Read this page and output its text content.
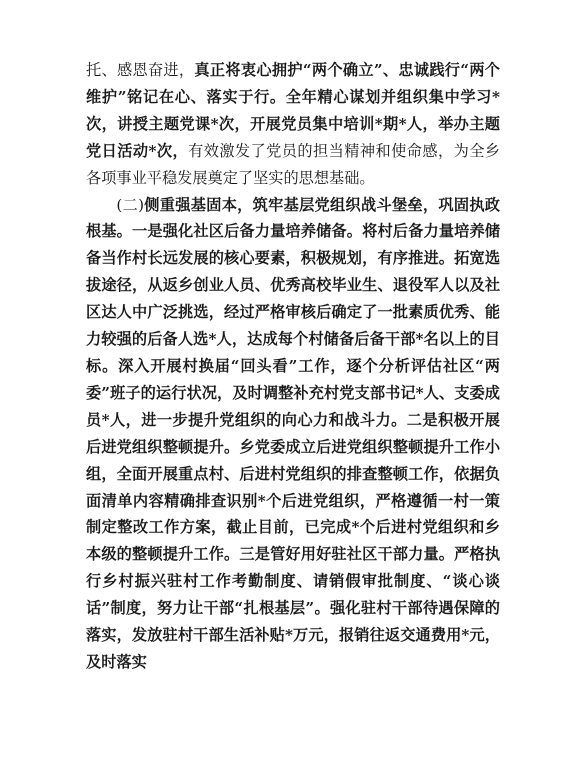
托、感恩奋进，真正将衷心拥护“两个确立”、忠诚践行“两个维护”铭记在心、落实于行。全年精心谋划并组织集中学习*次，讲授主题党课*次，开展党员集中培训*期*人，举办主题党日活动*次，有效激发了党员的担当精神和使命感，为全乡各项事业平稳发展奠定了坚实的思想基础。

(二)侧重强基固本，筑牢基层党组织战斗堡垒，巩固执政根基。一是强化社区后备力量培养储备。将村后备力量培养储备当作村长远发展的核心要素，积极规划，有序推进。拓宽选拔途径，从返乡创业人员、优秀高校毕业生、退役军人以及社区达人中广泛挑选，经过严格审核后确定了一批素质优秀、能力较强的后备人选*人，达成每个村储备后备干部*名以上的目标。深入开展村换届“回头看”工作，逐个分析评估社区“两委”班子的运行状况，及时调整补充村党支部书记*人、支委成员*人，进一步提升党组织的向心力和战斗力。二是积极开展后进党组织整顿提升。乡党委成立后进党组织整顿提升工作小组，全面开展重点村、后进村党组织的排查整顿工作，依据负面清单内容精确排查识别*个后进党组织，严格遵循一村一策制定整改工作方案，截止目前，已完成*个后进村党组织和乡本级的整顿提升工作。三是管好用好驻社区干部力量。严格执行乡村振兴驻村工作考勤制度、请销假审批制度、“谈心谈话”制度，努力让干部“扎根基层”。强化驻村干部待遇保障的落实，发放驻村干部生活补贴*万元，报销往返交通费用*元，及时落实
